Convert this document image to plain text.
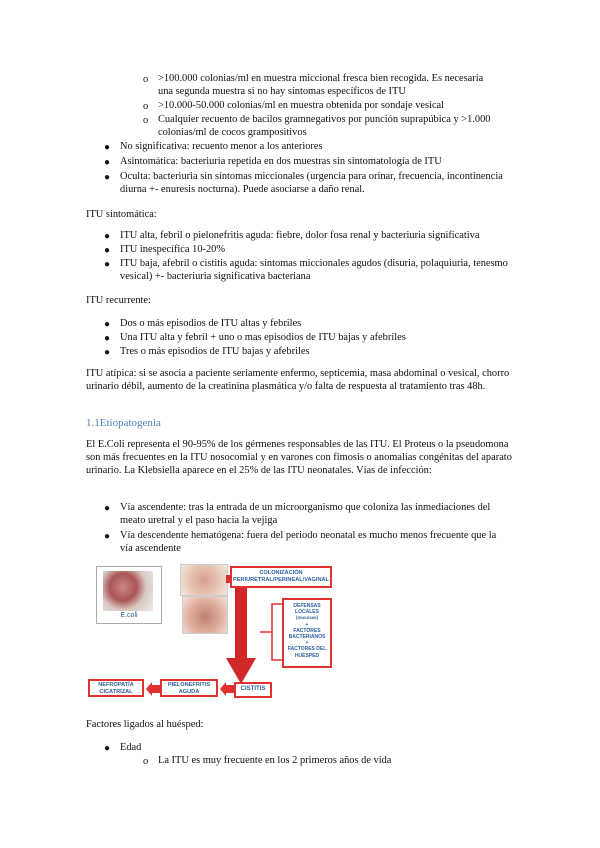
o >100.000 colonias/ml en muestra miccional fresca bien recogida. Es necesaria una segunda muestra si no hay síntomas específicos de ITU
o >10.000-50.000 colonias/ml en muestra obtenida por sondaje vesical
o Cualquier recuento de bacilos gramnegativos por punción suprapúbica y >1.000 colonias/ml de cocos grampositivos
● No significativa: recuento menor a los anteriores
● Asintomática: bacteriuria repetida en dos muestras sin sintomatología de ITU
● Oculta: bacteriuria sin síntomas miccionales (urgencia para orinar, frecuencia, incontinencia diurna +- enuresis nocturna). Puede asociarse a daño renal.
ITU sintomática:
● ITU alta, febril o pielonefritis aguda: fiebre, dolor fosa renal y bacteriuria significativa
● ITU inespecífica 10-20%
● ITU baja, afebril o cistitis aguda: síntomas miccionales agudos (disuria, polaquiuria, tenesmo vesical) +- bacteriuria significativa bacteriana
ITU recurrente:
● Dos o más episodios de ITU altas y febriles
● Una ITU alta y febril + uno o mas episodios de ITU bajas y afebriles
● Tres o más episodios de ITU bajas y afebriles
ITU atípica: si se asocia a paciente seriamente enfermo, septicemia, masa abdominal o vesical, chorro urinario débil, aumento de la creatinina plasmática y/o falta de respuesta al tratamiento tras 48h.
1.1Etiopatogenia
El E.Coli representa el 90-95% de los gérmenes responsables de las ITU. El Proteus o la pseudomona son más frecuentes en la ITU nosocomial y en varones con fimosis o anomalías congénitas del aparato urinario. La Klebsiella aparece en el 25% de las ITU neonatales. Vías de infección:
● Vía ascendente: tras la entrada de un microorganismo que coloniza las inmediaciones del meato uretral y el paso hacia la vejiga
● Vía descendente hematógena: fuera del periodo neonatal es mucho menos frecuente que la vía ascendente
E.coli
COLONIZACIÓN PERIURETRAL/PERINEAL/VAGINAL
DEFENSAS LOCALES
(mucosas)
+
FACTORES BACTERIANOS
+
FACTORES DEL HUÉSPED
CISTITIS
PIELONEFRITIS AGUDA
NEFROPATÍA CICATRIZAL
Factores ligados al huésped:
● Edad
o La ITU es muy frecuente en los 2 primeros años de vida
